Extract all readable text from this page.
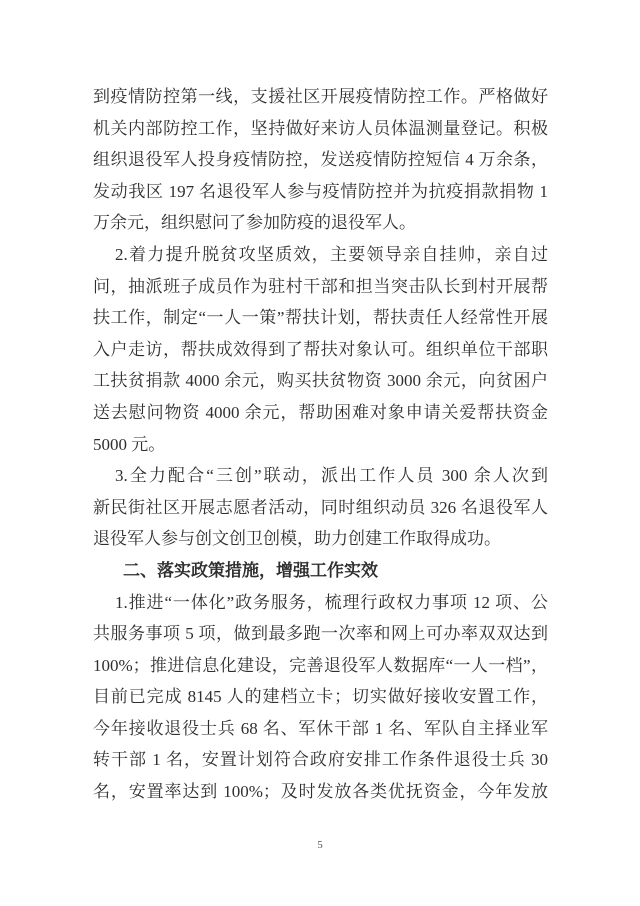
到疫情防控第一线，支援社区开展疫情防控工作。严格做好
机关内部防控工作，坚持做好来访人员体温测量登记。积极
组织退役军人投身疫情防控，发送疫情防控短信 4 万余条，
发动我区 197 名退役军人参与疫情防控并为抗疫捐款捐物 1
万余元，组织慰问了参加防疫的退役军人。
2.着力提升脱贫攻坚质效，主要领导亲自挂帅，亲自过
问，抽派班子成员作为驻村干部和担当突击队长到村开展帮
扶工作，制定“一人一策”帮扶计划，帮扶责任人经常性开展
入户走访，帮扶成效得到了帮扶对象认可。组织单位干部职
工扶贫捐款 4000 余元，购买扶贫物资 3000 余元，向贫困户
送去慰问物资 4000 余元，帮助困难对象申请关爱帮扶资金
5000 元。
3.全力配合“三创”联动，派出工作人员 300 余人次到
新民街社区开展志愿者活动，同时组织动员 326 名退役军人
退役军人参与创文创卫创模，助力创建工作取得成功。
二、落实政策措施，增强工作实效
1.推进“一体化”政务服务，梳理行政权力事项 12 项、公
共服务事项 5 项，做到最多跑一次率和网上可办率双双达到
100%；推进信息化建设，完善退役军人数据库“一人一档”，
目前已完成 8145 人的建档立卡；切实做好接收安置工作，
今年接收退役士兵 68 名、军休干部 1 名、军队自主择业军
转干部 1 名，安置计划符合政府安排工作条件退役士兵 30
名，安置率达到 100%；及时发放各类优抚资金，今年发放
5
